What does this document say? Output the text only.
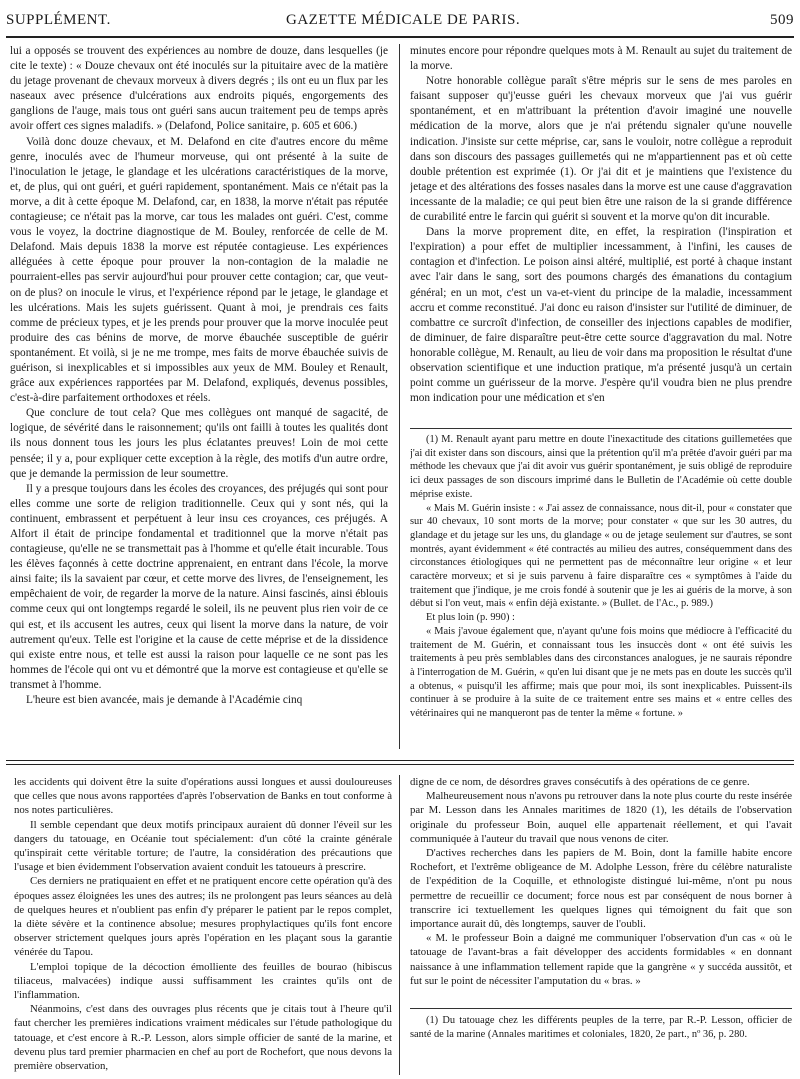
SUPPLÉMENT.	GAZETTE MÉDICALE DE PARIS.	509

lui a opposés se trouvent des expériences au nombre de douze, dans lesquelles (je cite le texte) : « Douze chevaux ont été inoculés sur la pituitaire avec de la matière du jetage provenant de chevaux morveux à divers degrés ; ils ont eu un flux par les naseaux avec présence d'ulcérations aux endroits piqués, engorgements des ganglions de l'auge, mais tous ont guéri sans aucun traitement peu de temps après avoir offert ces signes maladifs. » (Delafond, Police sanitaire, p. 605 et 606.)

Voilà donc douze chevaux, et M. Delafond en cite d'autres encore du même genre, inoculés avec de l'humeur morveuse, qui ont présenté à la suite de l'inoculation le jetage, le glandage et les ulcérations caractéristiques de la morve, et, de plus, qui ont guéri, et guéri rapidement, spontanément. Mais ce n'était pas la morve, a dit à cette époque M. Delafond, car, en 1838, la morve n'était pas réputée contagieuse; ce n'était pas la morve, car tous les malades ont guéri. C'est, comme vous le voyez, la doctrine diagnostique de M. Bouley, renforcée de celle de M. Delafond. Mais depuis 1838 la morve est réputée contagieuse. Les expériences alléguées à cette époque pour prouver la non-contagion de la maladie ne pourraient-elles pas servir aujourd'hui pour prouver cette contagion; car, que veut-on de plus? on inocule le virus, et l'expérience répond par le jetage, le glandage et les ulcérations. Mais les sujets guérissent. Quant à moi, je prendrais ces faits comme de précieux types, et je les prends pour prouver que la morve inoculée peut produire des cas bénins de morve, de morve ébauchée susceptible de guérir spontanément. Et voilà, si je ne me trompe, mes faits de morve ébauchée suivis de guérison, si inexplicables et si impossibles aux yeux de MM. Bouley et Renault, grâce aux expériences rapportées par M. Delafond, expliqués, devenus possibles, c'est-à-dire parfaitement orthodoxes et réels.

Que conclure de tout cela? Que mes collègues ont manqué de sagacité, de logique, de sévérité dans le raisonnement; qu'ils ont failli à toutes les qualités dont ils nous donnent tous les jours les plus éclatantes preuves! Loin de moi cette pensée; il y a, pour expliquer cette exception à la règle, des motifs d'un autre ordre, que je demande la permission de leur soumettre.

Il y a presque toujours dans les écoles des croyances, des préjugés qui sont pour elles comme une sorte de religion traditionnelle. Ceux qui y sont nés, qui la continuent, embrassent et perpétuent à leur insu ces croyances, ces préjugés. A Alfort il était de principe fondamental et traditionnel que la morve n'était pas contagieuse, qu'elle ne se transmettait pas à l'homme et qu'elle était incurable. Tous les élèves façonnés à cette doctrine apprenaient, en entrant dans l'école, la morve ainsi faite; ils la savaient par cœur, et cette morve des livres, de l'enseignement, les empêchaient de voir, de regarder la morve de la nature. Ainsi fascinés, ainsi éblouis comme ceux qui ont longtemps regardé le soleil, ils ne peuvent plus rien voir de ce qui est, et ils accusent les autres, ceux qui lisent la morve dans la nature, de voir autrement qu'eux. Telle est l'origine et la cause de cette méprise et de la dissidence qui existe entre nous, et telle est aussi la raison pour laquelle ce ne sont pas les hommes de l'école qui ont vu et démontré que la morve est contagieuse et qu'elle se transmet à l'homme.

L'heure est bien avancée, mais je demande à l'Académie cinq

minutes encore pour répondre quelques mots à M. Renault au sujet du traitement de la morve.

Notre honorable collègue paraît s'être mépris sur le sens de mes paroles en faisant supposer qu'j'eusse guéri les chevaux morveux que j'ai vus guérir spontanément, et en m'attribuant la prétention d'avoir imaginé une nouvelle médication de la morve, alors que je n'ai prétendu signaler qu'une nouvelle indication. J'insiste sur cette méprise, car, sans le vouloir, notre collègue a reproduit dans son discours des passages guillemetés qui ne m'appartiennent pas et où cette double prétention est exprimée (1). Or j'ai dit et je maintiens que l'existence du jetage et des altérations des fosses nasales dans la morve est une cause d'aggravation incessante de la maladie; ce qui peut bien être une raison de la si grande différence de curabilité entre le farcin qui guérit si souvent et la morve qu'on dit incurable.

Dans la morve proprement dite, en effet, la respiration (l'inspiration et l'expiration) a pour effet de multiplier incessamment, à l'infini, les causes de contagion et d'infection. Le poison ainsi altéré, multiplié, est porté à chaque instant avec l'air dans le sang, sort des poumons chargés des émanations du contagium général; en un mot, c'est un va-et-vient du principe de la maladie, incessamment accru et comme reconstitué. J'ai donc eu raison d'insister sur l'utilité de diminuer, de combattre ce surcroît d'infection, de conseiller des injections capables de modifier, de diminuer, de faire disparaître peut-être cette source d'aggravation du mal. Notre honorable collègue, M. Renault, au lieu de voir dans ma proposition le résultat d'une observation scientifique et une induction pratique, m'a présenté jusqu'à un certain point comme un guérisseur de la morve. J'espère qu'il voudra bien ne plus prendre mon indication pour une médication et s'en

(1) M. Renault ayant paru mettre en doute l'inexactitude des citations guillemetées que j'ai dit exister dans son discours, ainsi que la prétention qu'il m'a prêtée d'avoir guéri par ma méthode les chevaux que j'ai dit avoir vus guérir spontanément, je suis obligé de reproduire ici deux passages de son discours imprimé dans le Bulletin de l'Académie où cette double méprise existe.

« Mais M. Guérin insiste : « J'ai assez de connaissance, nous dit-il, pour « constater que sur 40 chevaux, 10 sont morts de la morve; pour constater « que sur les 30 autres, du glandage et du jetage sur les uns, du glandage « ou de jetage seulement sur d'autres, se sont montrés, ayant évidemment « été contractés au milieu des autres, conséquemment dans des circonstances étiologiques qui ne permettent pas de méconnaître leur origine « et leur caractère morveux; et si je suis parvenu à faire disparaître ces « symptômes à l'aide du traitement que j'indique, je me crois fondé à soutenir que je les ai guéris de la morve, à son début si l'on veut, mais « enfin déjà existante. » (Bullet. de l'Ac., p. 989.)

Et plus loin (p. 990) :

« Mais j'avoue également que, n'ayant qu'une fois moins que médiocre à l'efficacité du traitement de M. Guérin, et connaissant tous les insuccès dont « ont été suivis les traitements à peu près semblables dans des circonstances analogues, je ne saurais répondre à l'interrogation de M. Guérin, « qu'en lui disant que je ne mets pas en doute les succès qu'il a obtenus, « puisqu'il les affirme; mais que pour moi, ils sont inexplicables. Puissent-ils continuer à se produire à la suite de ce traitement entre ses mains et « entre celles des vétérinaires qui ne manqueront pas de tenter la même « fortune. »

les accidents qui doivent être la suite d'opérations aussi longues et aussi douloureuses que celles que nous avons rapportées d'après l'observation de Banks en tout conforme à nos notes particulières.

Il semble cependant que deux motifs principaux auraient dû donner l'éveil sur les dangers du tatouage, en Océanie tout spécialement: d'un côté la crainte générale qu'inspirait cette véritable torture; de l'autre, la considération des précautions que l'usage et bien évidemment l'observation avaient conduit les tatoueurs à prescrire.

Ces derniers ne pratiquaient en effet et ne pratiquent encore cette opération qu'à des époques assez éloignées les unes des autres; ils ne prolongent pas leurs séances au delà de quelques heures et n'oublient pas enfin d'y préparer le patient par le repos complet, la diète sévère et la continence absolue; mesures prophylactiques qu'ils font encore observer strictement quelques jours après l'opération en les plaçant sous la garantie vénérée du Tapou.

L'emploi topique de la décoction émolliente des feuilles de bourao (hibiscus tiliaceus, malvacées) indique aussi suffisamment les craintes qu'ils ont de l'inflammation.

Néanmoins, c'est dans des ouvrages plus récents que je citais tout à l'heure qu'il faut chercher les premières indications vraiment médicales sur l'étude pathologique du tatouage, et c'est encore à R.-P. Lesson, alors simple officier de santé de la marine, et devenu plus tard premier pharmacien en chef au port de Rochefort, que nous devons la première observation,

digne de ce nom, de désordres graves consécutifs à des opérations de ce genre.

Malheureusement nous n'avons pu retrouver dans la note plus courte du reste insérée par M. Lesson dans les Annales maritimes de 1820 (1), les détails de l'observation originale du professeur Boin, auquel elle appartenait réellement, et qui l'avait communiquée à l'auteur du travail que nous venons de citer.

D'actives recherches dans les papiers de M. Boin, dont la famille habite encore Rochefort, et l'extrême obligeance de M. Adolphe Lesson, frère du célèbre naturaliste de l'expédition de la Coquille, et ethnologiste distingué lui-même, n'ont pu nous permettre de recueillir ce document; force nous est par conséquent de nous borner à transcrire ici textuellement les quelques lignes qui témoignent du fait que son importance aurait dû, dès longtemps, sauver de l'oubli.

« M. le professeur Boin a daigné me communiquer l'observation d'un cas « où le tatouage de l'avant-bras a fait développer des accidents formidables « en donnant naissance à une inflammation tellement rapide que la gangrène « y succéda aussitôt, et fut sur le point de nécessiter l'amputation du « bras. »

(1) Du tatouage chez les différents peuples de la terre, par R.-P. Lesson, officier de santé de la marine (Annales maritimes et coloniales, 1820, 2e part., nº 36, p. 280.
